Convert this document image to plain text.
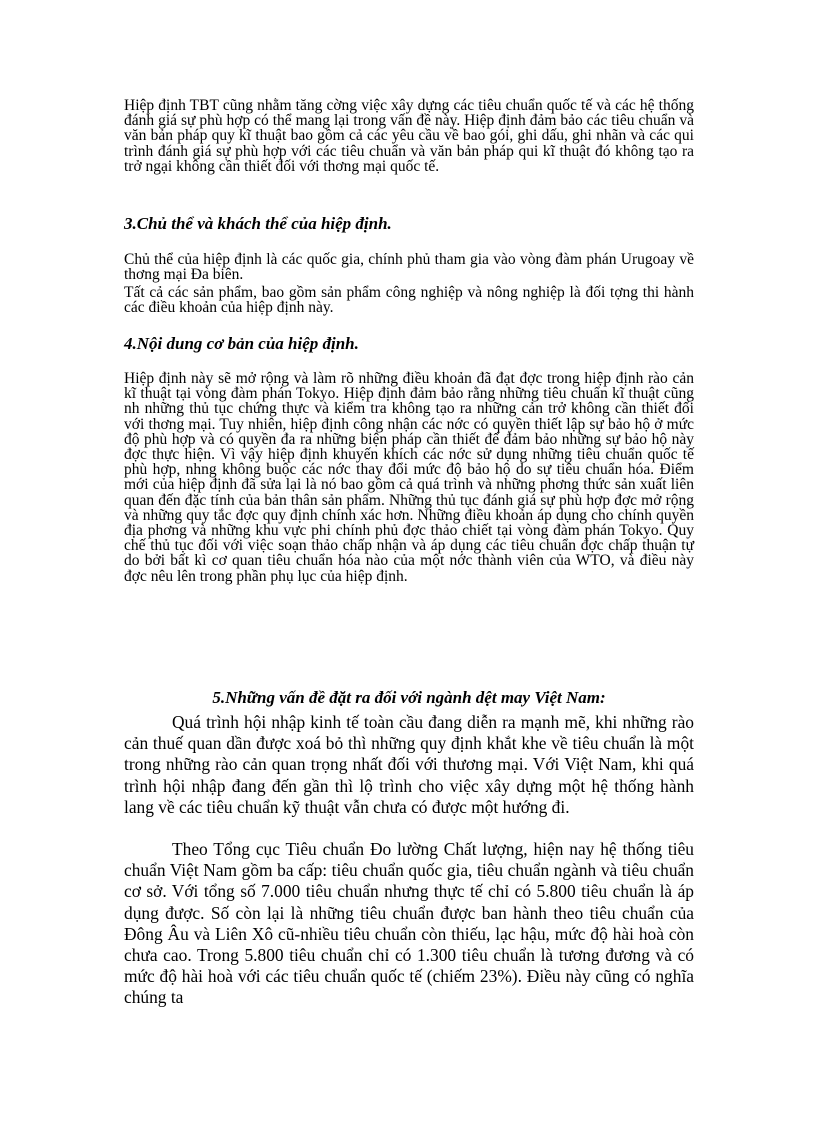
Hiệp định TBT cũng nhằm tăng cờng việc xây dựng các tiêu chuẩn quốc tế và các hệ thống đánh giá sự phù hợp có thể mang lại trong vấn đề này. Hiệp định đảm bảo các tiêu chuẩn và văn bản pháp quy kĩ thuật bao gồm cả các yêu cầu về bao gói, ghi dấu, ghi nhãn và các qui trình đánh giá sự phù hợp với các tiêu chuẩn và văn bản pháp qui kĩ thuật đó không tạo ra trở ngại không cần thiết đối với thơng mại quốc tế.

3.Chủ thể và khách thể của hiệp định.

Chủ thể của hiệp định là các quốc gia, chính phủ tham gia vào vòng đàm phán Urugoay về thơng mại Đa biên.

Tất cả các sản phẩm, bao gồm sản phẩm công nghiệp và nông nghiệp là đối tợng thi hành các điều khoản của hiệp định này.

4.Nội dung cơ bản của hiệp định.

Hiệp định này sẽ mở rộng và làm rõ những điều khoản đã đạt đợc trong hiệp định rào cản kĩ thuật tại vòng đàm phán Tokyo. Hiệp định đảm bảo rằng những tiêu chuẩn kĩ thuật cũng nh những thủ tục chứng thực và kiểm tra không tạo ra những cản trở không cần thiết đối với thơng mại. Tuy nhiên, hiệp định công nhận các nớc có quyền thiết lập sự bảo hộ ở mức độ phù hợp và có quyền đa ra những biện pháp cần thiết để đảm bảo những sự bảo hộ này đợc thực hiện. Vì vậy hiệp định khuyến khích các nớc sử dụng những tiêu chuẩn quốc tế phù hợp, nhng không buộc các nớc thay đổi mức độ bảo hộ do sự tiêu chuẩn hóa. Điểm mới của hiệp định đã sửa lại là nó bao gồm cả quá trình và những phơng thức sản xuất liên quan đến đặc tính của bản thân sản phẩm. Những thủ tục đánh giá sự phù hợp đợc mở rộng và những quy tắc đợc quy định chính xác hơn. Những điều khoản áp dụng cho chính quyền địa phơng và những khu vực phi chính phủ đợc thảo chiết tại vòng đàm phán Tokyo. Quy chế thủ tục đối với việc soạn thảo chấp nhận và áp dụng các tiêu chuẩn đợc chấp thuận tự do bởi bất kì cơ quan tiêu chuẩn hóa nào của một nớc thành viên của WTO, và điều này đợc nêu lên trong phần phụ lục của hiệp định.

5.Những vấn đề đặt ra đối với ngành dệt may Việt Nam:

Quá trình hội nhập kinh tế toàn cầu đang diễn ra mạnh mẽ, khi những rào cản thuế quan dần được xoá bỏ thì những quy định khắt khe về tiêu chuẩn là một trong những rào cản quan trọng nhất đối với thương mại. Với Việt Nam, khi quá trình hội nhập đang đến gần thì lộ trình cho việc xây dựng một hệ thống hành lang về các tiêu chuẩn kỹ thuật vẫn chưa có được một hướng đi.

Theo Tổng cục Tiêu chuẩn Đo lường Chất lượng, hiện nay hệ thống tiêu chuẩn Việt Nam gồm ba cấp: tiêu chuẩn quốc gia, tiêu chuẩn ngành và tiêu chuẩn cơ sở. Với tổng số 7.000 tiêu chuẩn nhưng thực tế chỉ có 5.800 tiêu chuẩn là áp dụng được. Số còn lại là những tiêu chuẩn được ban hành theo tiêu chuẩn của Đông Âu và Liên Xô cũ-nhiều tiêu chuẩn còn thiếu, lạc hậu, mức độ hài hoà còn chưa cao. Trong 5.800 tiêu chuẩn chỉ có 1.300 tiêu chuẩn là tương đương và có mức độ hài hoà với các tiêu chuẩn quốc tế (chiếm 23%). Điều này cũng có nghĩa chúng ta
